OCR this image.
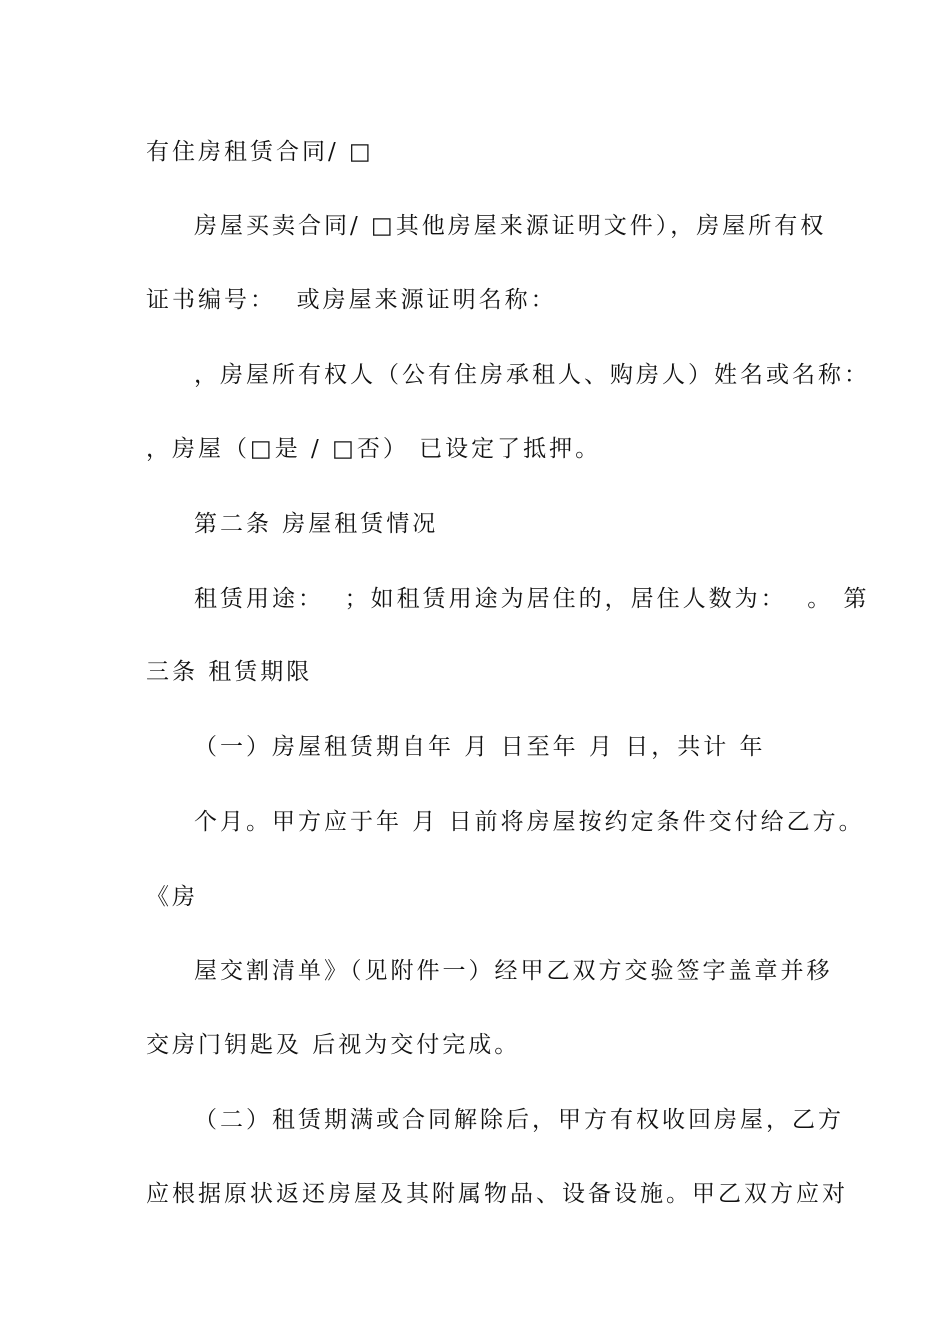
有住房租赁合同/ □
房屋买卖合同/ □其他房屋来源证明文件），房屋所有权
证书编号：  或房屋来源证明名称：
，房屋所有权人（公有住房承租人、购房人）姓名或名称：
，房屋（□是 / □否） 已设定了抵押。
第二条 房屋租赁情况
租赁用途：  ；如租赁用途为居住的，居住人数为：  。 第
三条 租赁期限
（一）房屋租赁期自年 月 日至年 月 日，共计 年
个月。甲方应于年 月 日前将房屋按约定条件交付给乙方。
《房
屋交割清单》（见附件一）经甲乙双方交验签字盖章并移
交房门钥匙及 后视为交付完成。
（二）租赁期满或合同解除后，甲方有权收回房屋，乙方
应根据原状返还房屋及其附属物品、设备设施。甲乙双方应对
